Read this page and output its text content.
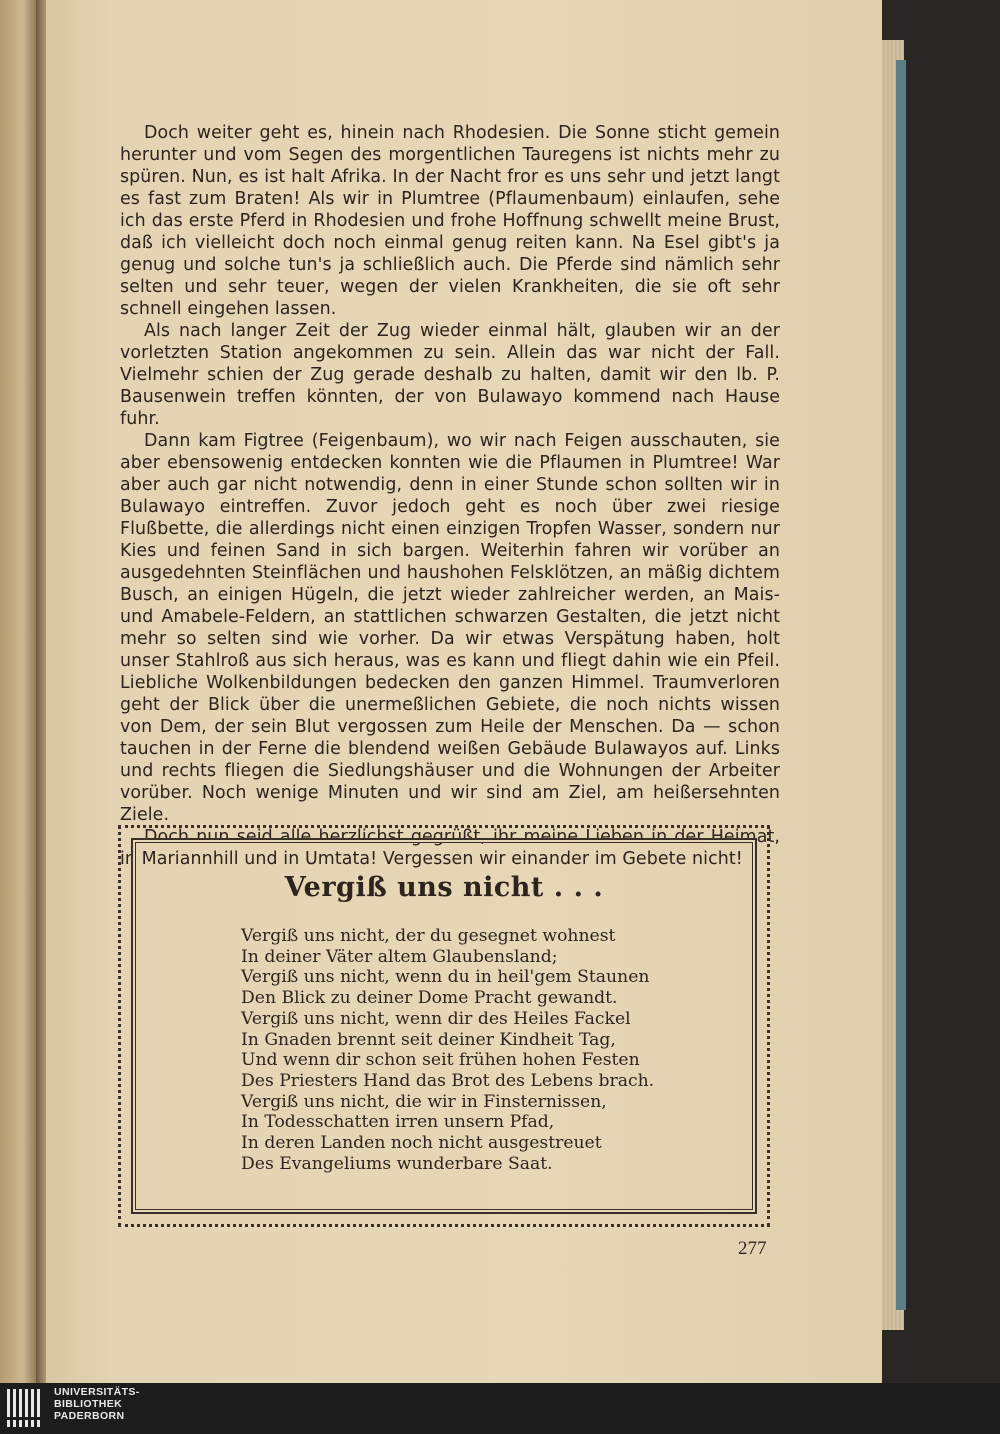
Doch weiter geht es, hinein nach Rhodesien. Die Sonne sticht gemein herunter und vom Segen des morgentlichen Tauregens ist nichts mehr zu spüren. Nun, es ist halt Afrika. In der Nacht fror es uns sehr und jetzt langt es fast zum Braten! Als wir in Plumtree (Pflaumenbaum) einlaufen, sehe ich das erste Pferd in Rhodesien und frohe Hoffnung schwellt meine Brust, daß ich vielleicht doch noch einmal genug reiten kann. Na Esel gibt's ja genug und solche tun's ja schließlich auch. Die Pferde sind nämlich sehr selten und sehr teuer, wegen der vielen Krankheiten, die sie oft sehr schnell eingehen lassen.

Als nach langer Zeit der Zug wieder einmal hält, glauben wir an der vorletzten Station angekommen zu sein. Allein das war nicht der Fall. Vielmehr schien der Zug gerade deshalb zu halten, damit wir den lb. P. Bausenwein treffen könnten, der von Bulawayo kommend nach Hause fuhr.

Dann kam Figtree (Feigenbaum), wo wir nach Feigen ausschauten, sie aber ebensowenig entdecken konnten wie die Pflaumen in Plumtree! War aber auch gar nicht notwendig, denn in einer Stunde schon sollten wir in Bulawayo eintreffen. Zuvor jedoch geht es noch über zwei riesige Flußbette, die allerdings nicht einen einzigen Tropfen Wasser, sondern nur Kies und feinen Sand in sich bargen. Weiterhin fahren wir vorüber an ausgedehnten Steinflächen und haushohen Felsklötzen, an mäßig dichtem Busch, an einigen Hügeln, die jetzt wieder zahlreicher werden, an Mais- und Amabele-Feldern, an stattlichen schwarzen Gestalten, die jetzt nicht mehr so selten sind wie vorher. Da wir etwas Verspätung haben, holt unser Stahlroß aus sich heraus, was es kann und fliegt dahin wie ein Pfeil. Liebliche Wolkenbildungen bedecken den ganzen Himmel. Traumverloren geht der Blick über die unermeßlichen Gebiete, die noch nichts wissen von Dem, der sein Blut vergossen zum Heile der Menschen. Da — schon tauchen in der Ferne die blendend weißen Gebäude Bulawayos auf. Links und rechts fliegen die Siedlungshäuser und die Wohnungen der Arbeiter vorüber. Noch wenige Minuten und wir sind am Ziel, am heißersehnten Ziele.

Doch nun seid alle herzlichst gegrüßt, ihr meine Lieben in der Heimat, in Mariannhill und in Umtata! Vergessen wir einander im Gebete nicht!

Vergiß uns nicht . . .
Vergiß uns nicht, der du gesegnet wohnest
In deiner Väter altem Glaubensland;
Vergiß uns nicht, wenn du in heil'gem Staunen
Den Blick zu deiner Dome Pracht gewandt.
Vergiß uns nicht, wenn dir des Heiles Fackel
In Gnaden brennt seit deiner Kindheit Tag,
Und wenn dir schon seit frühen hohen Festen
Des Priesters Hand das Brot des Lebens brach.
Vergiß uns nicht, die wir in Finsternissen,
In Todesschatten irren unsern Pfad,
In deren Landen noch nicht ausgestreuet
Des Evangeliums wunderbare Saat.
277
UNIVERSITÄTS-
BIBLIOTHEK
PADERBORN
